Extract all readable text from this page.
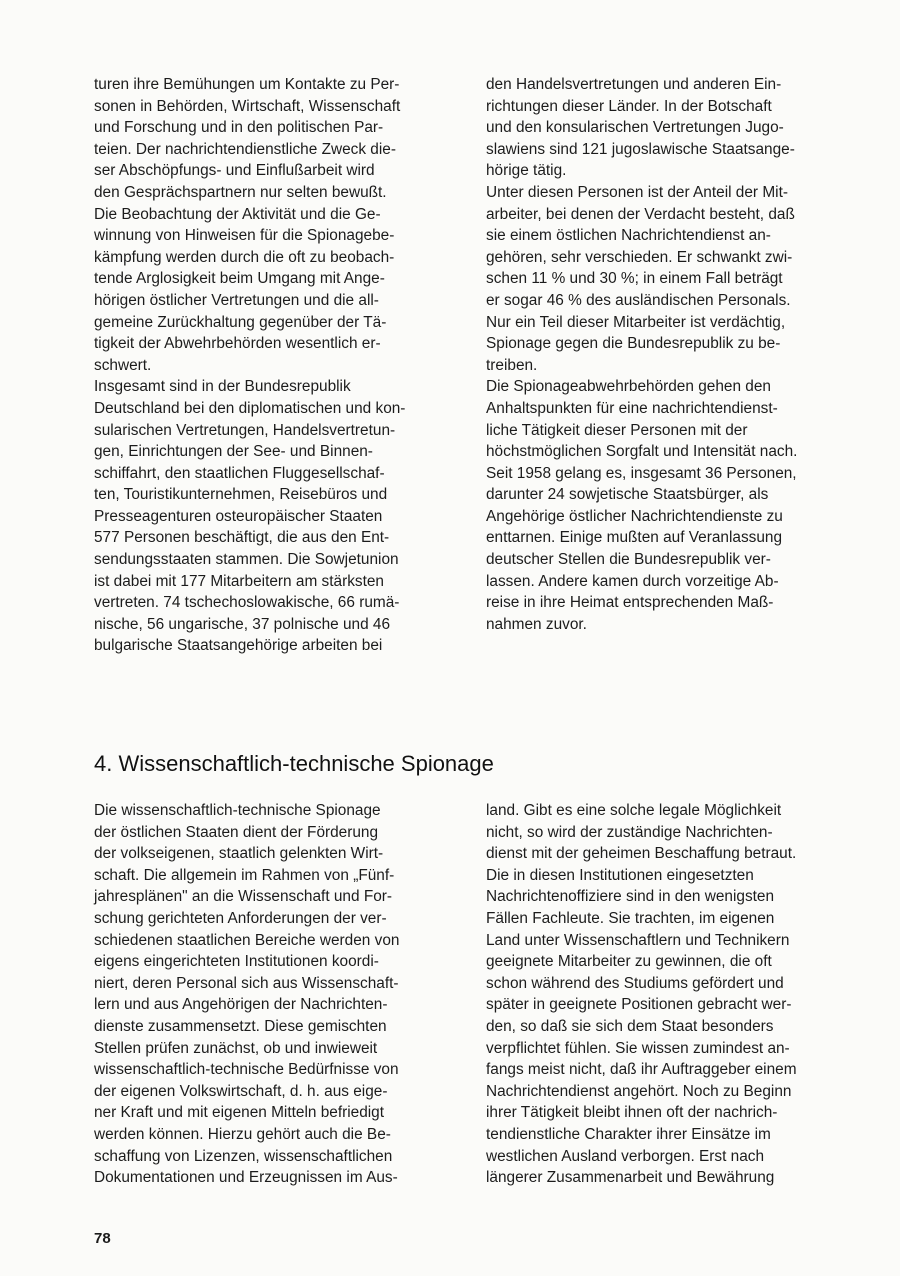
turen ihre Bemühungen um Kontakte zu Per-
sonen in Behörden, Wirtschaft, Wissenschaft
und Forschung und in den politischen Par-
teien. Der nachrichtendienstliche Zweck die-
ser Abschöpfungs- und Einflußarbeit wird
den Gesprächspartnern nur selten bewußt.

Die Beobachtung der Aktivität und die Ge-
winnung von Hinweisen für die Spionagebe-
kämpfung werden durch die oft zu beobach-
tende Arglosigkeit beim Umgang mit Ange-
hörigen östlicher Vertretungen und die all-
gemeine Zurückhaltung gegenüber der Tä-
tigkeit der Abwehrbehörden wesentlich er-
schwert.

Insgesamt sind in der Bundesrepublik
Deutschland bei den diplomatischen und kon-
sularischen Vertretungen, Handelsvertretun-
gen, Einrichtungen der See- und Binnen-
schiffahrt, den staatlichen Fluggesellschaf-
ten, Touristikunternehmen, Reisebüros und
Presseagenturen osteuropäischer Staaten
577 Personen beschäftigt, die aus den Ent-
sendungsstaaten stammen. Die Sowjetunion
ist dabei mit 177 Mitarbeitern am stärksten
vertreten. 74 tschechoslowakische, 66 rumä-
nische, 56 ungarische, 37 polnische und 46
bulgarische Staatsangehörige arbeiten bei

den Handelsvertretungen und anderen Ein-
richtungen dieser Länder. In der Botschaft
und den konsularischen Vertretungen Jugo-
slawiens sind 121 jugoslawische Staatsange-
hörige tätig.

Unter diesen Personen ist der Anteil der Mit-
arbeiter, bei denen der Verdacht besteht, daß
sie einem östlichen Nachrichtendienst an-
gehören, sehr verschieden. Er schwankt zwi-
schen 11 % und 30 %; in einem Fall beträgt
er sogar 46 % des ausländischen Personals.
Nur ein Teil dieser Mitarbeiter ist verdächtig,
Spionage gegen die Bundesrepublik zu be-
treiben.

Die Spionageabwehrbehörden gehen den
Anhaltspunkten für eine nachrichtendienst-
liche Tätigkeit dieser Personen mit der
höchstmöglichen Sorgfalt und Intensität nach.
Seit 1958 gelang es, insgesamt 36 Personen,
darunter 24 sowjetische Staatsbürger, als
Angehörige östlicher Nachrichtendienste zu
enttarnen. Einige mußten auf Veranlassung
deutscher Stellen die Bundesrepublik ver-
lassen. Andere kamen durch vorzeitige Ab-
reise in ihre Heimat entsprechenden Maß-
nahmen zuvor.

4. Wissenschaftlich-technische Spionage

Die wissenschaftlich-technische Spionage
der östlichen Staaten dient der Förderung
der volkseigenen, staatlich gelenkten Wirt-
schaft. Die allgemein im Rahmen von „Fünf-
jahresplänen" an die Wissenschaft und For-
schung gerichteten Anforderungen der ver-
schiedenen staatlichen Bereiche werden von
eigens eingerichteten Institutionen koordi-
niert, deren Personal sich aus Wissenschaft-
lern und aus Angehörigen der Nachrichten-
dienste zusammensetzt. Diese gemischten
Stellen prüfen zunächst, ob und inwieweit
wissenschaftlich-technische Bedürfnisse von
der eigenen Volkswirtschaft, d. h. aus eige-
ner Kraft und mit eigenen Mitteln befriedigt
werden können. Hierzu gehört auch die Be-
schaffung von Lizenzen, wissenschaftlichen
Dokumentationen und Erzeugnissen im Aus-

land. Gibt es eine solche legale Möglichkeit
nicht, so wird der zuständige Nachrichten-
dienst mit der geheimen Beschaffung betraut.
Die in diesen Institutionen eingesetzten
Nachrichtenoffiziere sind in den wenigsten
Fällen Fachleute. Sie trachten, im eigenen
Land unter Wissenschaftlern und Technikern
geeignete Mitarbeiter zu gewinnen, die oft
schon während des Studiums gefördert und
später in geeignete Positionen gebracht wer-
den, so daß sie sich dem Staat besonders
verpflichtet fühlen. Sie wissen zumindest an-
fangs meist nicht, daß ihr Auftraggeber einem
Nachrichtendienst angehört. Noch zu Beginn
ihrer Tätigkeit bleibt ihnen oft der nachrich-
tendienstliche Charakter ihrer Einsätze im
westlichen Ausland verborgen. Erst nach
längerer Zusammenarbeit und Bewährung

78
